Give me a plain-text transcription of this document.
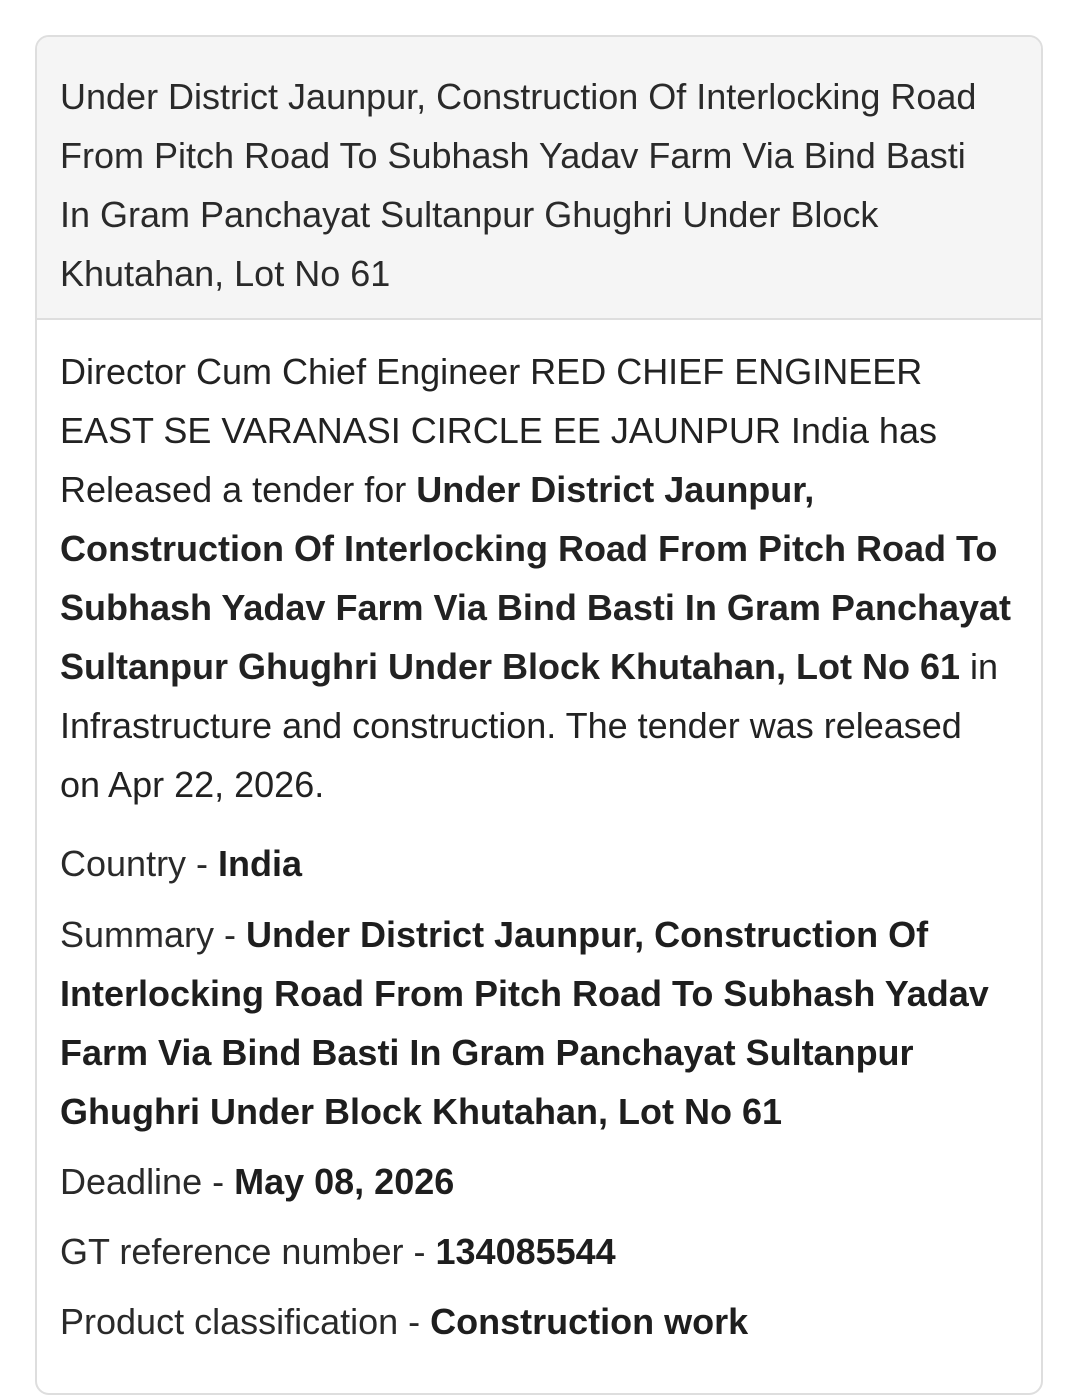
Under District Jaunpur, Construction Of Interlocking Road From Pitch Road To Subhash Yadav Farm Via Bind Basti In Gram Panchayat Sultanpur Ghughri Under Block Khutahan, Lot No 61

Director Cum Chief Engineer RED CHIEF ENGINEER EAST SE VARANASI CIRCLE EE JAUNPUR India has Released a tender for Under District Jaunpur, Construction Of Interlocking Road From Pitch Road To Subhash Yadav Farm Via Bind Basti In Gram Panchayat Sultanpur Ghughri Under Block Khutahan, Lot No 61 in Infrastructure and construction. The tender was released on Apr 22, 2026.

Country - India

Summary - Under District Jaunpur, Construction Of Interlocking Road From Pitch Road To Subhash Yadav Farm Via Bind Basti In Gram Panchayat Sultanpur Ghughri Under Block Khutahan, Lot No 61

Deadline - May 08, 2026

GT reference number - 134085544

Product classification - Construction work
